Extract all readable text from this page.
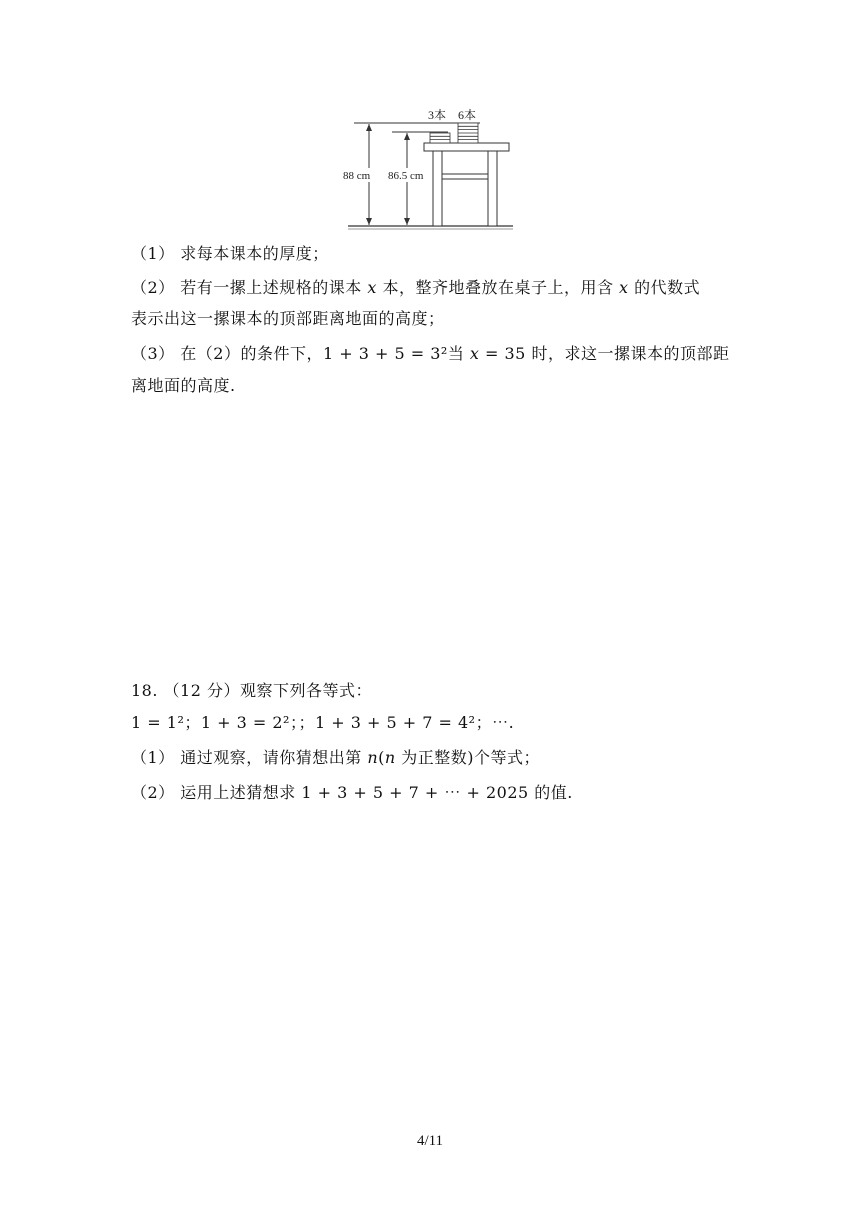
88 cm 86.5 cm
3本 6本
（1） 求每本课本的厚度；
（2） 若有一摞上述规格的课本 𝑥 本，整齐地叠放在桌子上，用含 𝑥 的代数式
表示出这一摞课本的顶部距离地面的高度；
（3） 在（2）的条件下，1 + 3 + 5 = 3²当 𝑥 = 35 时，求这一摞课本的顶部距
离地面的高度.
18. （12 分）观察下列各等式：
1 = 1²；1 + 3 = 2²；；1 + 3 + 5 + 7 = 4²；⋯.
（1） 通过观察，请你猜想出第 𝑛(𝑛 为正整数)个等式；
（2） 运用上述猜想求 1 + 3 + 5 + 7 + ⋯ + 2025 的值.
4/11
